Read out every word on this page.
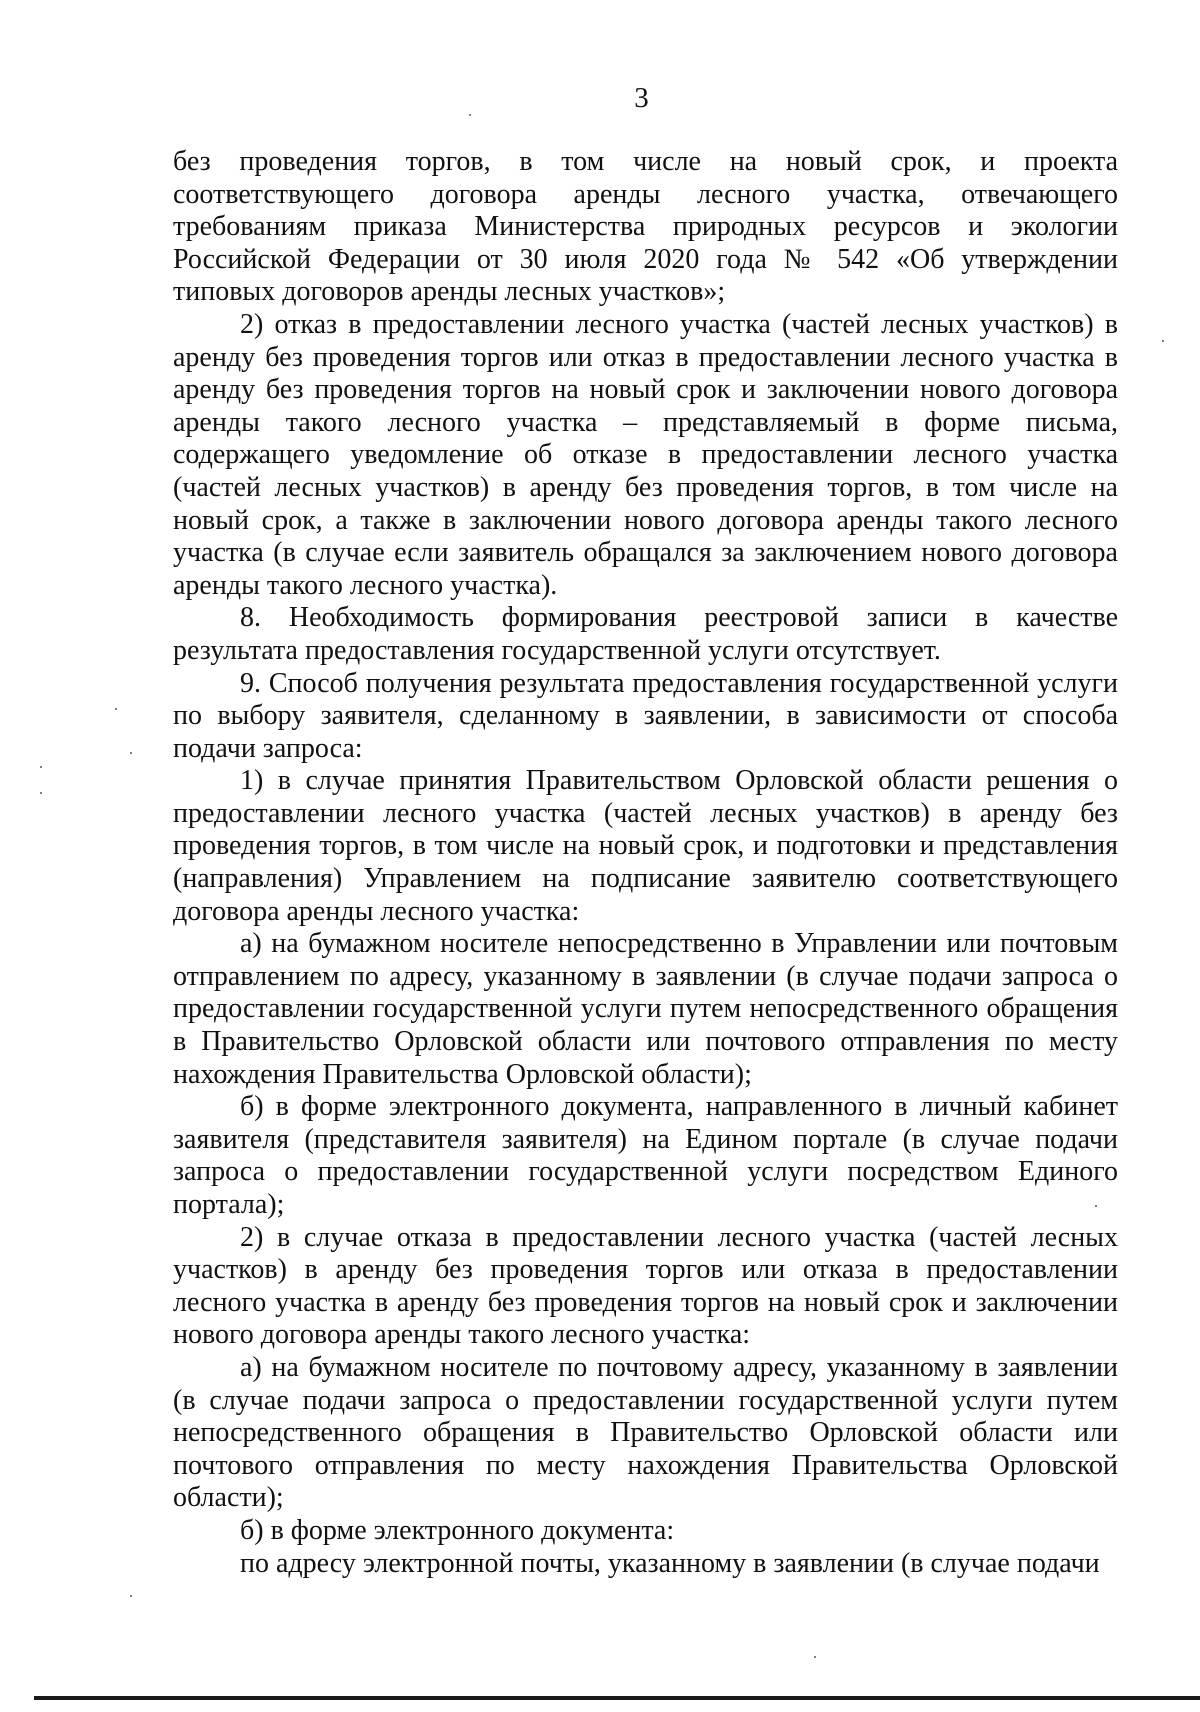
3

без проведения торгов, в том числе на новый срок, и проекта соответствующего договора аренды лесного участка, отвечающего требованиям приказа Министерства природных ресурсов и экологии Российской Федерации от 30 июля 2020 года № 542 «Об утверждении типовых договоров аренды лесных участков»;

2) отказ в предоставлении лесного участка (частей лесных участков) в аренду без проведения торгов или отказ в предоставлении лесного участка в аренду без проведения торгов на новый срок и заключении нового договора аренды такого лесного участка – представляемый в форме письма, содержащего уведомление об отказе в предоставлении лесного участка (частей лесных участков) в аренду без проведения торгов, в том числе на новый срок, а также в заключении нового договора аренды такого лесного участка (в случае если заявитель обращался за заключением нового договора аренды такого лесного участка).

8. Необходимость формирования реестровой записи в качестве результата предоставления государственной услуги отсутствует.

9. Способ получения результата предоставления государственной услуги по выбору заявителя, сделанному в заявлении, в зависимости от способа подачи запроса:

1) в случае принятия Правительством Орловской области решения о предоставлении лесного участка (частей лесных участков) в аренду без проведения торгов, в том числе на новый срок, и подготовки и представления (направления) Управлением на подписание заявителю соответствующего договора аренды лесного участка:

а) на бумажном носителе непосредственно в Управлении или почтовым отправлением по адресу, указанному в заявлении (в случае подачи запроса о предоставлении государственной услуги путем непосредственного обращения в Правительство Орловской области или почтового отправления по месту нахождения Правительства Орловской области);

б) в форме электронного документа, направленного в личный кабинет заявителя (представителя заявителя) на Едином портале (в случае подачи запроса о предоставлении государственной услуги посредством Единого портала);

2) в случае отказа в предоставлении лесного участка (частей лесных участков) в аренду без проведения торгов или отказа в предоставлении лесного участка в аренду без проведения торгов на новый срок и заключении нового договора аренды такого лесного участка:

а) на бумажном носителе по почтовому адресу, указанному в заявлении (в случае подачи запроса о предоставлении государственной услуги путем непосредственного обращения в Правительство Орловской области или почтового отправления по месту нахождения Правительства Орловской области);

б) в форме электронного документа:

по адресу электронной почты, указанному в заявлении (в случае подачи
